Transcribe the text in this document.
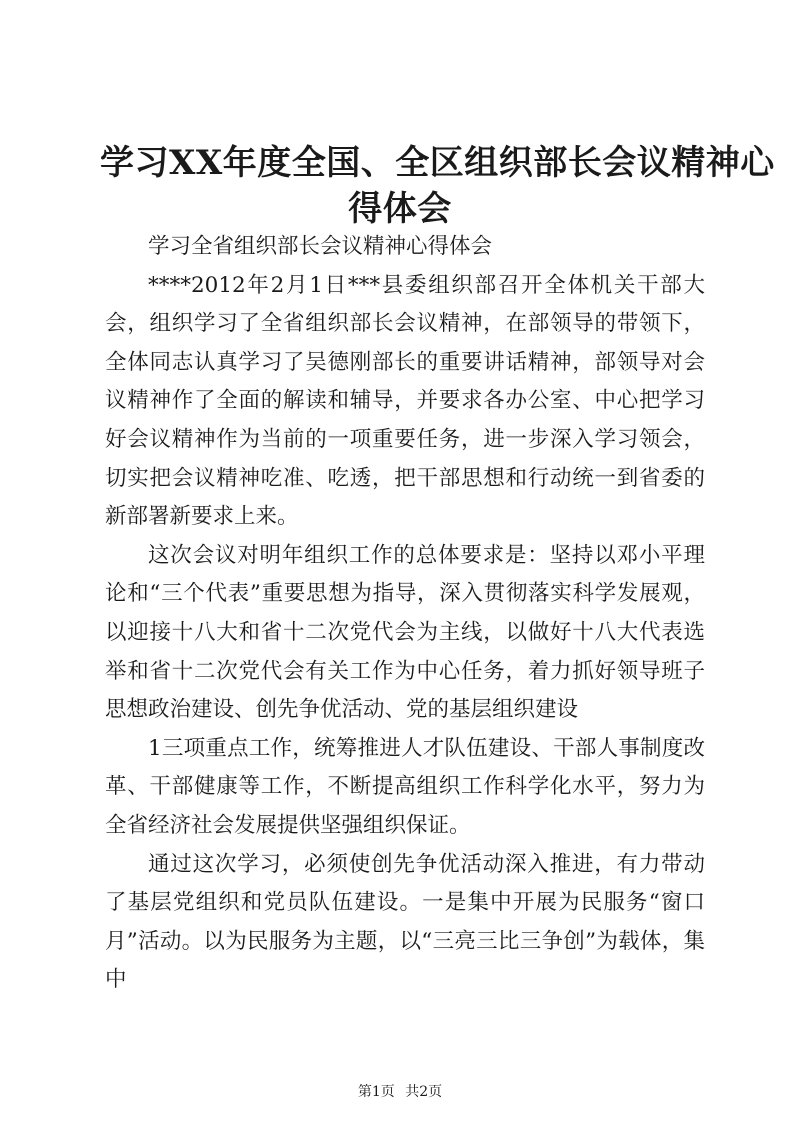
学习XX年度全国、全区组织部长会议精神心
得体会

学习全省组织部长会议精神心得体会

****2012年2月1日***县委组织部召开全体机关干部大会，组织学习了全省组织部长会议精神，在部领导的带领下，全体同志认真学习了吴德刚部长的重要讲话精神，部领导对会议精神作了全面的解读和辅导，并要求各办公室、中心把学习好会议精神作为当前的一项重要任务，进一步深入学习领会，切实把会议精神吃准、吃透，把干部思想和行动统一到省委的新部署新要求上来。

这次会议对明年组织工作的总体要求是：坚持以邓小平理论和“三个代表”重要思想为指导，深入贯彻落实科学发展观，以迎接十八大和省十二次党代会为主线，以做好十八大代表选举和省十二次党代会有关工作为中心任务，着力抓好领导班子思想政治建设、创先争优活动、党的基层组织建设

1三项重点工作，统筹推进人才队伍建设、干部人事制度改革、干部健康等工作，不断提高组织工作科学化水平，努力为全省经济社会发展提供坚强组织保证。

通过这次学习，必须使创先争优活动深入推进，有力带动了基层党组织和党员队伍建设。一是集中开展为民服务“窗口月”活动。以为民服务为主题，以“三亮三比三争创”为载体，集中

第1页 共2页
